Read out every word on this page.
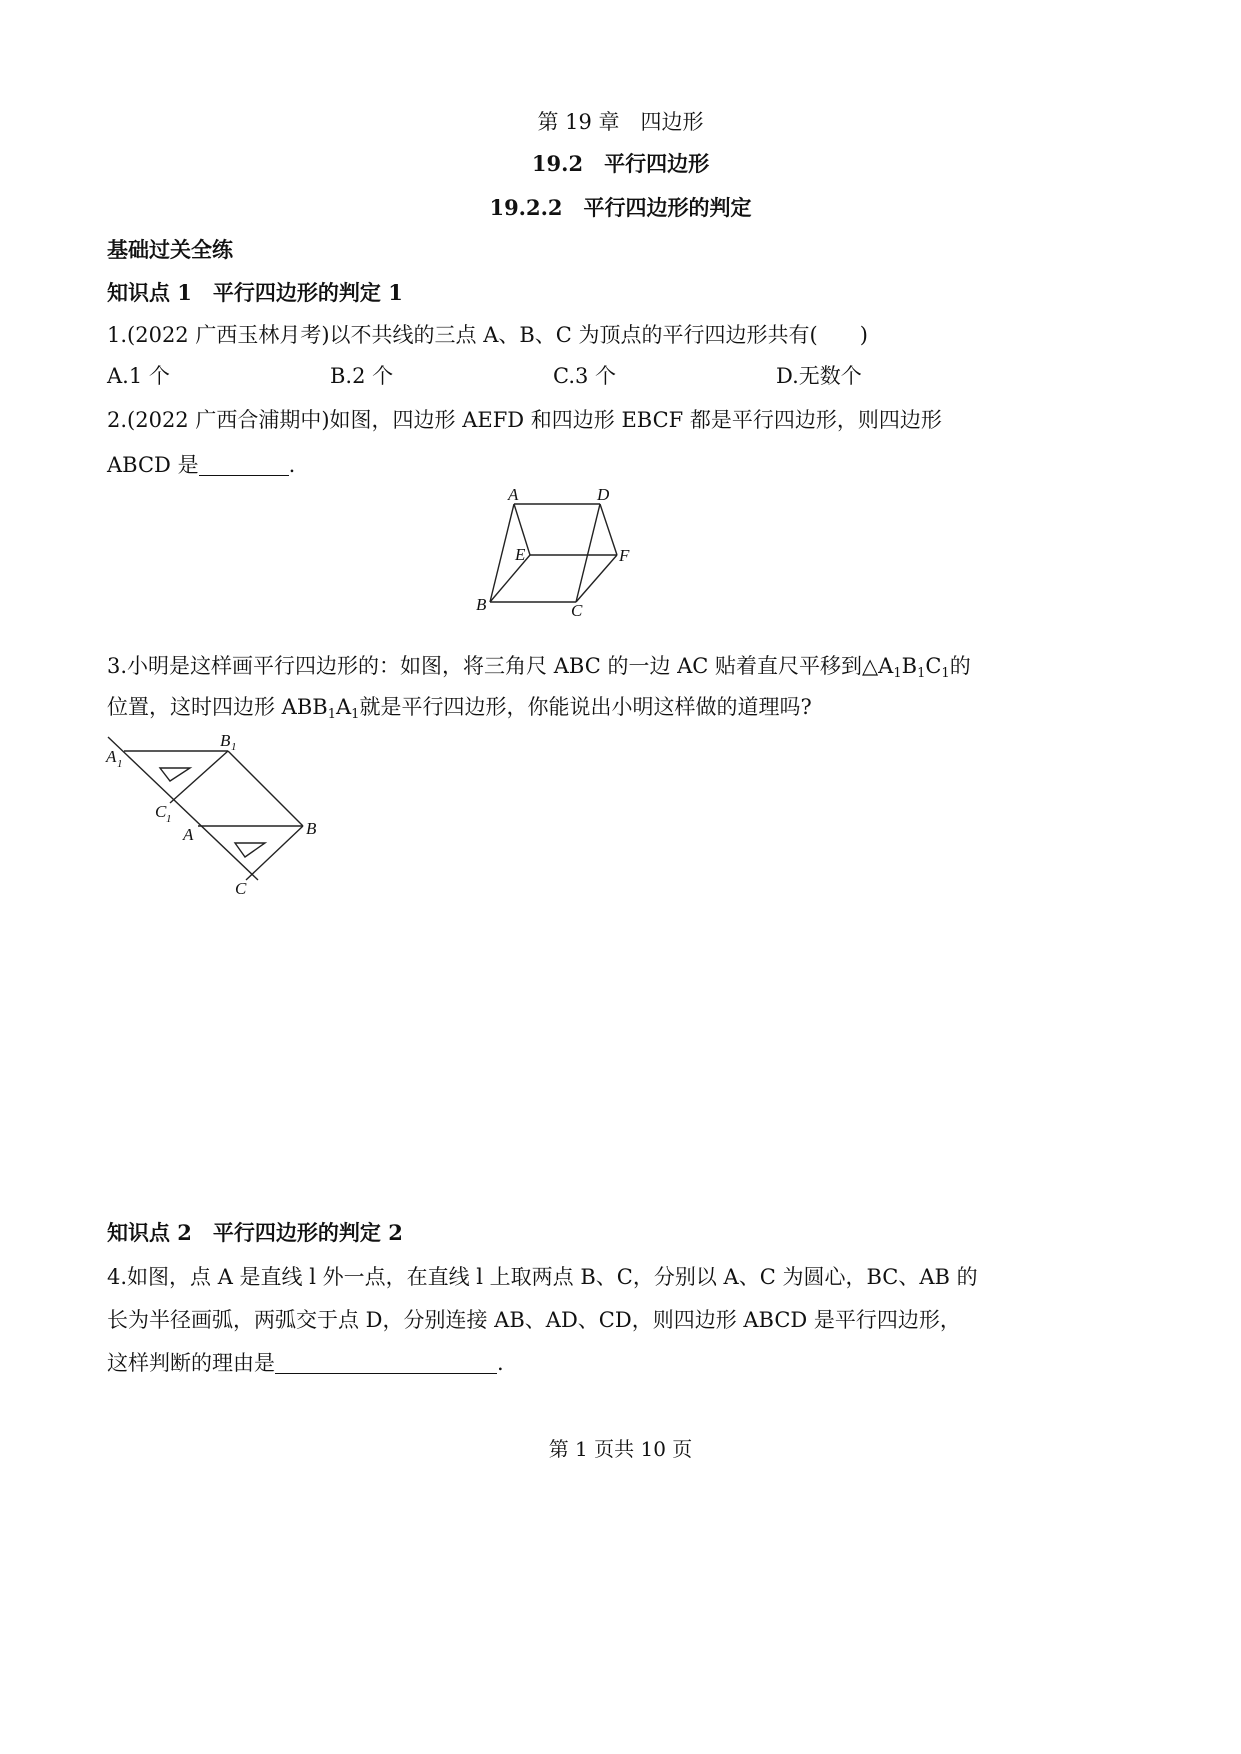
第 19 章　四边形
19.2　平行四边形
19.2.2　平行四边形的判定
基础过关全练
知识点 1　平行四边形的判定 1
1.(2022 广西玉林月考)以不共线的三点 A、B、C 为顶点的平行四边形共有(　　)
A.1 个	B.2 个	C.3 个	D.无数个
2.(2022 广西合浦期中)如图，四边形 AEFD 和四边形 EBCF 都是平行四边形，则四边形
ABCD 是	.
A	D
E	F
B	C
3.小明是这样画平行四边形的：如图，将三角尺 ABC 的一边 AC 贴着直尺平移到$\triangle A_1B_1C_1$的
位置，这时四边形 $ABB_1A_1$就是平行四边形，你能说出小明这样做的道理吗?
A 1
B 1
C 1
A	B
C
知识点 2　平行四边形的判定 2
4.如图，点 A 是直线 l 外一点，在直线 l 上取两点 B、C，分别以 A、C 为圆心，BC、AB 的
长为半径画弧，两弧交于点 D，分别连接 AB、AD、CD，则四边形 ABCD 是平行四边形，
这样判断的理由是	.
第 1 页共 10 页
